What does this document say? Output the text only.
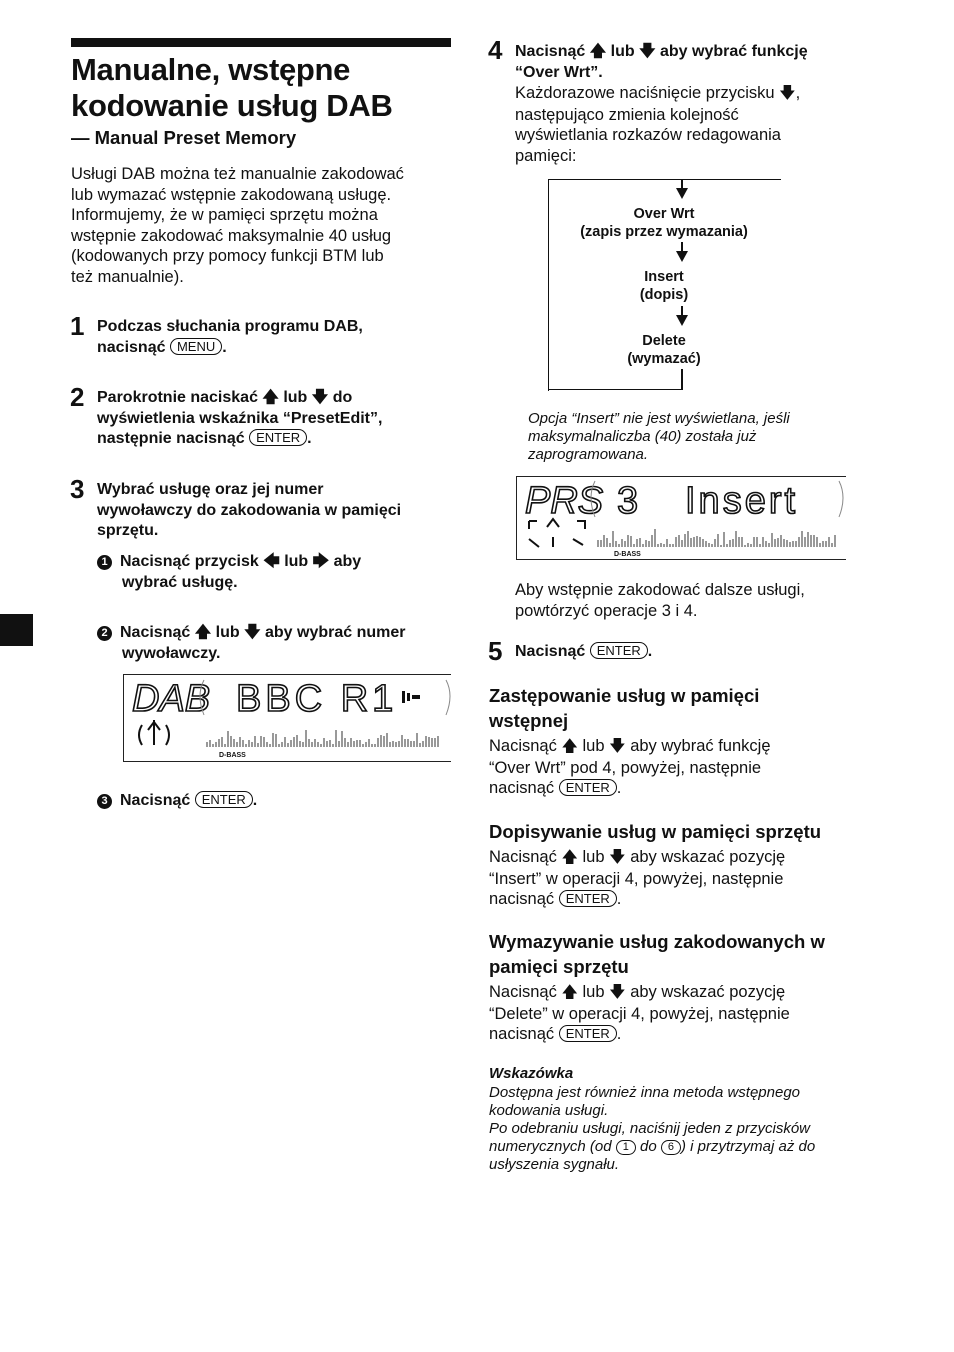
Manualne, wstępne
kodowanie usług DAB
— Manual Preset Memory
Usługi DAB można też manualnie zakodować
lub wymazać wstępnie zakodowaną usługę.
Informujemy, że w pamięci sprzętu można
wstępnie zakodować maksymalnie 40 usług
(kodowanych przy pomocy funkcji BTM lub
też manualnie).
1 Podczas słuchania programu DAB,
nacisnąć MENU .
2 Parokrotnie naciskać 🡅 lub 🡇 do
wyświetlenia wskaźnika “PresetEdit”,
następnie nacisnąć ENTER .
3 Wybrać usługę oraz jej numer
wywoławczy do zakodowania w pamięci
sprzętu.
1 Nacisnąć przycisk 🡄 lub 🡆 aby
wybrać usługę.
2 Nacisnąć 🡅 lub 🡇 aby wybrać numer
wywoławczy.
DAB BBC R1
D-BASS
3 Nacisnąć ENTER .
4 Nacisnąć 🡅 lub 🡇 aby wybrać funkcję
“Over Wrt”.
Każdorazowe naciśnięcie przycisku 🡇,
następująco zmienia kolejność
wyświetlania rozkazów redagowania
pamięci:
Over Wrt
(zapis przez wymazania)
Insert
(dopis)
Delete
(wymazać)
Opcja “Insert” nie jest wyświetlana, jeśli
maksymalnaliczba (40) została już
zaprogramowana.
PRS 3 Insert
D-BASS
Aby wstępnie zakodować dalsze usługi,
powtórzyć operacje 3 i 4.
5 Nacisnąć ENTER .
Zastępowanie usług w pamięci
wstępnej
Nacisnąć 🡅 lub 🡇 aby wybrać funkcję
“Over Wrt” pod 4, powyżej, następnie
nacisnąć ENTER .
Dopisywanie usług w pamięci sprzętu
Nacisnąć 🡅 lub 🡇 aby wskazać pozycję
“Insert” w operacji 4, powyżej, następnie
nacisnąć ENTER .
Wymazywanie usług zakodowanych w
pamięci sprzętu
Nacisnąć 🡅 lub 🡇 aby wskazać pozycję
“Delete” w operacji 4, powyżej, następnie
nacisnąć ENTER .
Wskazówka
Dostępna jest również inna metoda wstępnego
kodowania usługi.
Po odebraniu usługi, naciśnij jeden z przycisków
numerycznych (od 1 do 6 ) i przytrzymaj aż do
usłyszenia sygnału.
